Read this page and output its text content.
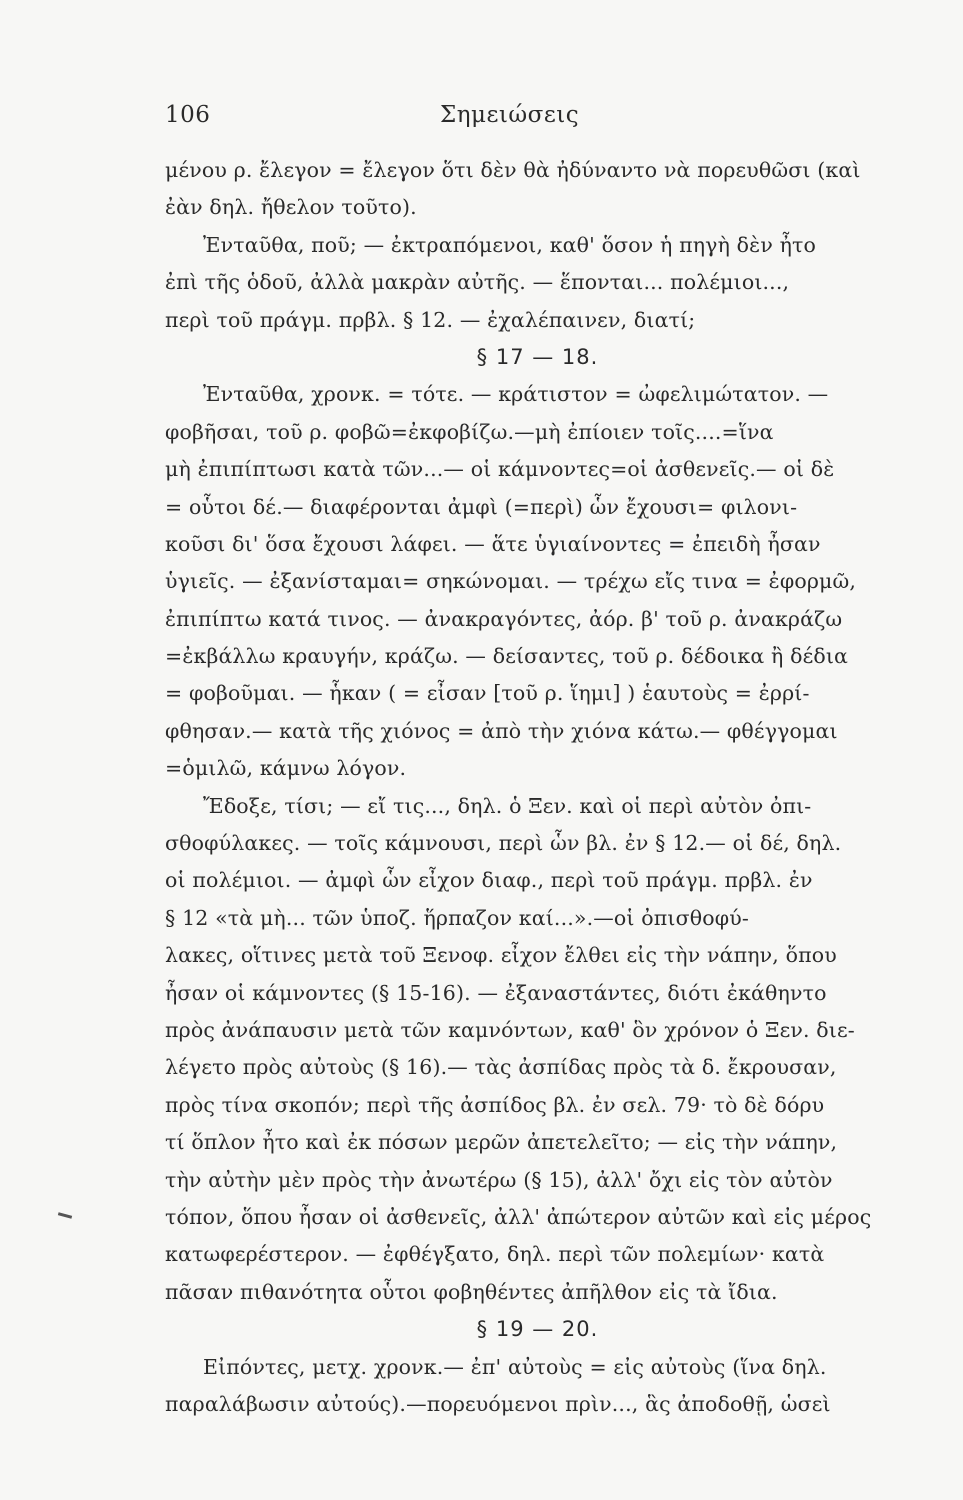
106	Σημειώσεις
μένου ρ. ἔλεγον = ἔλεγον ὅτι δὲν θὰ ἠδύναντο νὰ πορευθῶσι (καὶ
ἐὰν δηλ. ἤθελον τοῦτο).
Ἐνταῦθα, ποῦ; — ἐκτραπόμενοι, καθ' ὅσον ἡ πηγὴ δὲν ἦτο
ἐπὶ τῆς ὁδοῦ, ἀλλὰ μακρὰν αὐτῆς. — ἕπονται... πολέμιοι...,
περὶ τοῦ πράγμ. πρβλ. § 12. — ἐχαλέπαινεν, διατί;
§ 17 — 18.
Ἐνταῦθα, χρονκ. = τότε. — κράτιστον = ὠφελιμώτατον. —
φοβῆσαι, τοῦ ρ. φοβῶ=ἐκφοβίζω.—μὴ ἐπίοιεν τοῖς....=ἵνα
μὴ ἐπιπίπτωσι κατὰ τῶν...— οἱ κάμνοντες=οἱ ἀσθενεῖς.— οἱ δὲ
= οὗτοι δέ.— διαφέρονται ἀμφὶ (=περὶ) ὧν ἔχουσι= φιλονι-
κοῦσι δι' ὅσα ἔχουσι λάφει. — ἅτε ὑγιαίνοντες = ἐπειδὴ ἦσαν
ὑγιεῖς. — ἐξανίσταμαι= σηκώνομαι. — τρέχω εἴς τινα = ἐφορμῶ,
ἐπιπίπτω κατά τινος. — ἀνακραγόντες, ἀόρ. β' τοῦ ρ. ἀνακράζω
=ἐκβάλλω κραυγήν, κράζω. — δείσαντες, τοῦ ρ. δέδοικα ἢ δέδια
= φοβοῦμαι. — ἧκαν ( = εἶσαν [τοῦ ρ. ἵημι] ) ἑαυτοὺς = ἐρρί-
φθησαν.— κατὰ τῆς χιόνος = ἀπὸ τὴν χιόνα κάτω.— φθέγγομαι
=ὁμιλῶ, κάμνω λόγον.
Ἔδοξε, τίσι; — εἴ τις..., δηλ. ὁ Ξεν. καὶ οἱ περὶ αὐτὸν ὀπι-
σθοφύλακες. — τοῖς κάμνουσι, περὶ ὧν βλ. ἐν § 12.— οἱ δέ, δηλ.
οἱ πολέμιοι. — ἀμφὶ ὧν εἶχον διαφ., περὶ τοῦ πράγμ. πρβλ. ἐν
§ 12 «τὰ μὴ... τῶν ὑποζ. ἥρπαζον καί...».—οἱ ὀπισθοφύ-
λακες, οἵτινες μετὰ τοῦ Ξενοφ. εἶχον ἔλθει εἰς τὴν νάπην, ὅπου
ἦσαν οἱ κάμνοντες (§ 15-16). — ἐξαναστάντες, διότι ἐκάθηντο
πρὸς ἀνάπαυσιν μετὰ τῶν καμνόντων, καθ' ὃν χρόνον ὁ Ξεν. διε-
λέγετο πρὸς αὐτοὺς (§ 16).— τὰς ἀσπίδας πρὸς τὰ δ. ἔκρουσαν,
πρὸς τίνα σκοπόν; περὶ τῆς ἀσπίδος βλ. ἐν σελ. 79· τὸ δὲ δόρυ
τί ὅπλον ἦτο καὶ ἐκ πόσων μερῶν ἀπετελεῖτο; — εἰς τὴν νάπην,
τὴν αὐτὴν μὲν πρὸς τὴν ἀνωτέρω (§ 15), ἀλλ' ὄχι εἰς τὸν αὐτὸν
τόπον, ὅπου ἦσαν οἱ ἀσθενεῖς, ἀλλ' ἀπώτερον αὐτῶν καὶ εἰς μέρος
κατωφερέστερον. — ἐφθέγξατο, δηλ. περὶ τῶν πολεμίων· κατὰ
πᾶσαν πιθανότητα οὗτοι φοβηθέντες ἀπῆλθον εἰς τὰ ἴδια.
§ 19 — 20.
Εἰπόντες, μετχ. χρονκ.— ἐπ' αὐτοὺς = εἰς αὐτοὺς (ἵνα δηλ.
παραλάβωσιν αὐτούς).—πορευόμενοι πρὶν..., ἃς ἀποδοθῇ, ὡσεὶ
